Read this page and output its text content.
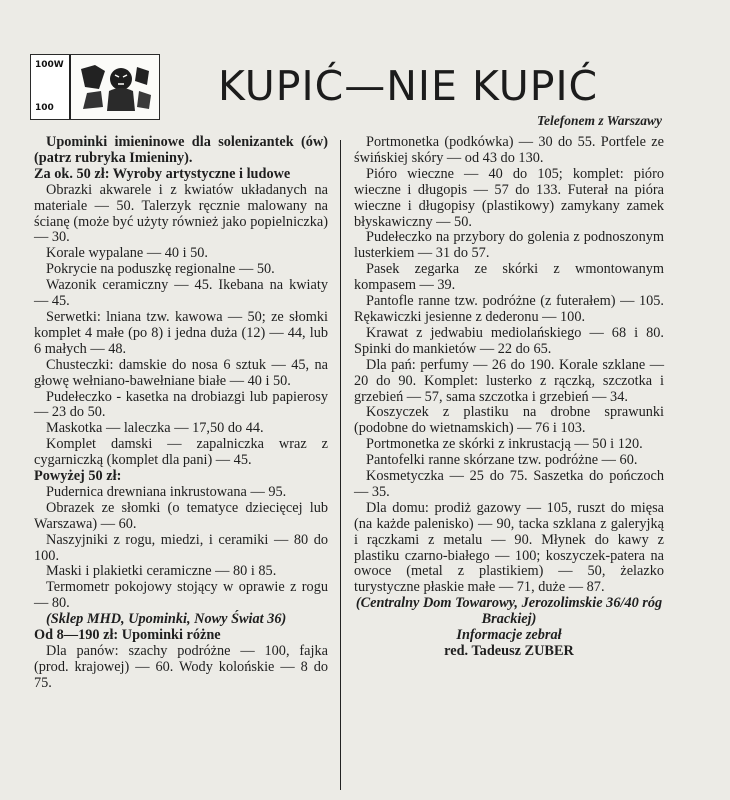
100W
100	KUPIĆ—NIE KUPIĆ
Telefonem z Warszawy

Upominki imieninowe dla solenizantek (ów) (patrz rubryka Imieniny).

Za ok. 50 zł: Wyroby artystyczne i ludowe

Obrazki akwarele i z kwiatów układanych na materiale — 50. Talerzyk ręcznie malowany na ścianę (może być użyty również jako popielniczka) — 30.

Korale wypalane — 40 i 50.

Pokrycie na poduszkę regionalne — 50.

Wazonik ceramiczny — 45. Ikebana na kwiaty — 45.

Serwetki: lniana tzw. kawowa — 50; ze słomki komplet 4 małe (po 8) i jedna duża (12) — 44, lub 6 małych — 48.

Chusteczki: damskie do nosa 6 sztuk — 45, na głowę wełniano-bawełniane białe — 40 i 50.

Pudełeczko - kasetka na drobiazgi lub papierosy — 23 do 50.

Maskotka — laleczka — 17,50 do 44.

Komplet damski — zapalniczka wraz z cygarniczką (komplet dla pani) — 45.

Powyżej 50 zł:

Pudernica drewniana inkrustowana — 95.

Obrazek ze słomki (o tematyce dziecięcej lub Warszawa) — 60.

Naszyjniki z rogu, miedzi, i ceramiki — 80 do 100.

Maski i plakietki ceramiczne — 80 i 85.

Termometr pokojowy stojący w oprawie z rogu — 80.

(Sklep MHD, Upominki, Nowy Świat 36)

Od 8—190 zł: Upominki różne

Dla panów: szachy podróżne — 100, fajka (prod. krajowej) — 60. Wody kolońskie — 8 do 75.

Portmonetka (podkówka) — 30 do 55. Portfele ze świńskiej skóry — od 43 do 130.

Pióro wieczne — 40 do 105; komplet: pióro wieczne i długopis — 57 do 133. Futerał na pióra wieczne i długopisy (plastikowy) zamykany zamek błyskawiczny — 50.

Pudełeczko na przybory do golenia z podnoszonym lusterkiem — 31 do 57.

Pasek zegarka ze skórki z wmontowanym kompasem — 39.

Pantofle ranne tzw. podróżne (z futerałem) — 105. Rękawiczki jesienne z dederonu — 100.

Krawat z jedwabiu mediolańskiego — 68 i 80. Spinki do mankietów — 22 do 65.

Dla pań: perfumy — 26 do 190. Korale szklane — 20 do 90. Komplet: lusterko z rączką, szczotka i grzebień — 57, sama szczotka i grzebień — 34.

Koszyczek z plastiku na drobne sprawunki (podobne do wietnamskich) — 76 i 103.

Portmonetka ze skórki z inkrustacją — 50 i 120.

Pantofelki ranne skórzane tzw. podróżne — 60.

Kosmetyczka — 25 do 75. Saszetka do pończoch — 35.

Dla domu: prodiż gazowy — 105, ruszt do mięsa (na każde palenisko) — 90, tacka szklana z galeryjką i rączkami z metalu — 90. Młynek do kawy z plastiku czarno-białego — 100; koszyczek-patera na owoce (metal z plastikiem) — 50, żelazko turystyczne płaskie małe — 71, duże — 87.

(Centralny Dom Towarowy, Jerozolimskie 36/40 róg Brackiej)

Informacje zebrał

red. Tadeusz ZUBER
